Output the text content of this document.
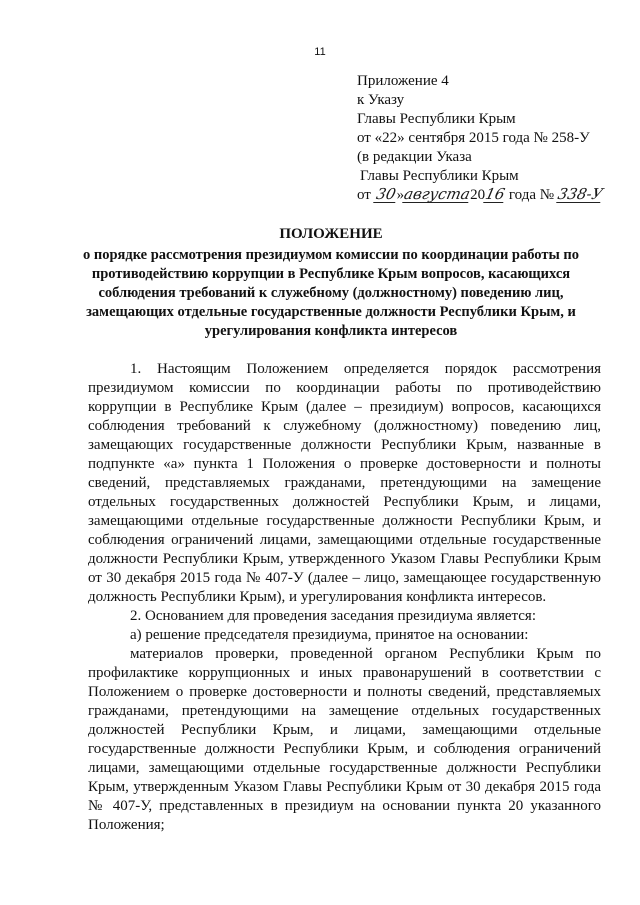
11
Приложение 4
к Указу
Главы Республики Крым
от «22» сентября 2015 года № 258-У
(в редакции Указа
Главы Республики Крым
от 30»августа2016 года № 338-У
ПОЛОЖЕНИЕ
о порядке рассмотрения президиумом комиссии по координации работы по противодействию коррупции в Республике Крым вопросов, касающихся соблюдения требований к служебному (должностному) поведению лиц, замещающих отдельные государственные должности Республики Крым, и урегулирования конфликта интересов

1. Настоящим Положением определяется порядок рассмотрения президиумом комиссии по координации работы по противодействию коррупции в Республике Крым (далее – президиум) вопросов, касающихся соблюдения требований к служебному (должностному) поведению лиц, замещающих государственные должности Республики Крым, названные в подпункте «а» пункта 1 Положения о проверке достоверности и полноты сведений, представляемых гражданами, претендующими на замещение отдельных государственных должностей Республики Крым, и лицами, замещающими отдельные государственные должности Республики Крым, и соблюдения ограничений лицами, замещающими отдельные государственные должности Республики Крым, утвержденного Указом Главы Республики Крым от 30 декабря 2015 года № 407-У (далее – лицо, замещающее государственную должность Республики Крым), и урегулирования конфликта интересов.

2. Основанием для проведения заседания президиума является:

а) решение председателя президиума, принятое на основании:

материалов проверки, проведенной органом Республики Крым по профилактике коррупционных и иных правонарушений в соответствии с Положением о проверке достоверности и полноты сведений, представляемых гражданами, претендующими на замещение отдельных государственных должностей Республики Крым, и лицами, замещающими отдельные государственные должности Республики Крым, и соблюдения ограничений лицами, замещающими отдельные государственные должности Республики Крым, утвержденным Указом Главы Республики Крым от 30 декабря 2015 года № 407-У, представленных в президиум на основании пункта 20 указанного Положения;
